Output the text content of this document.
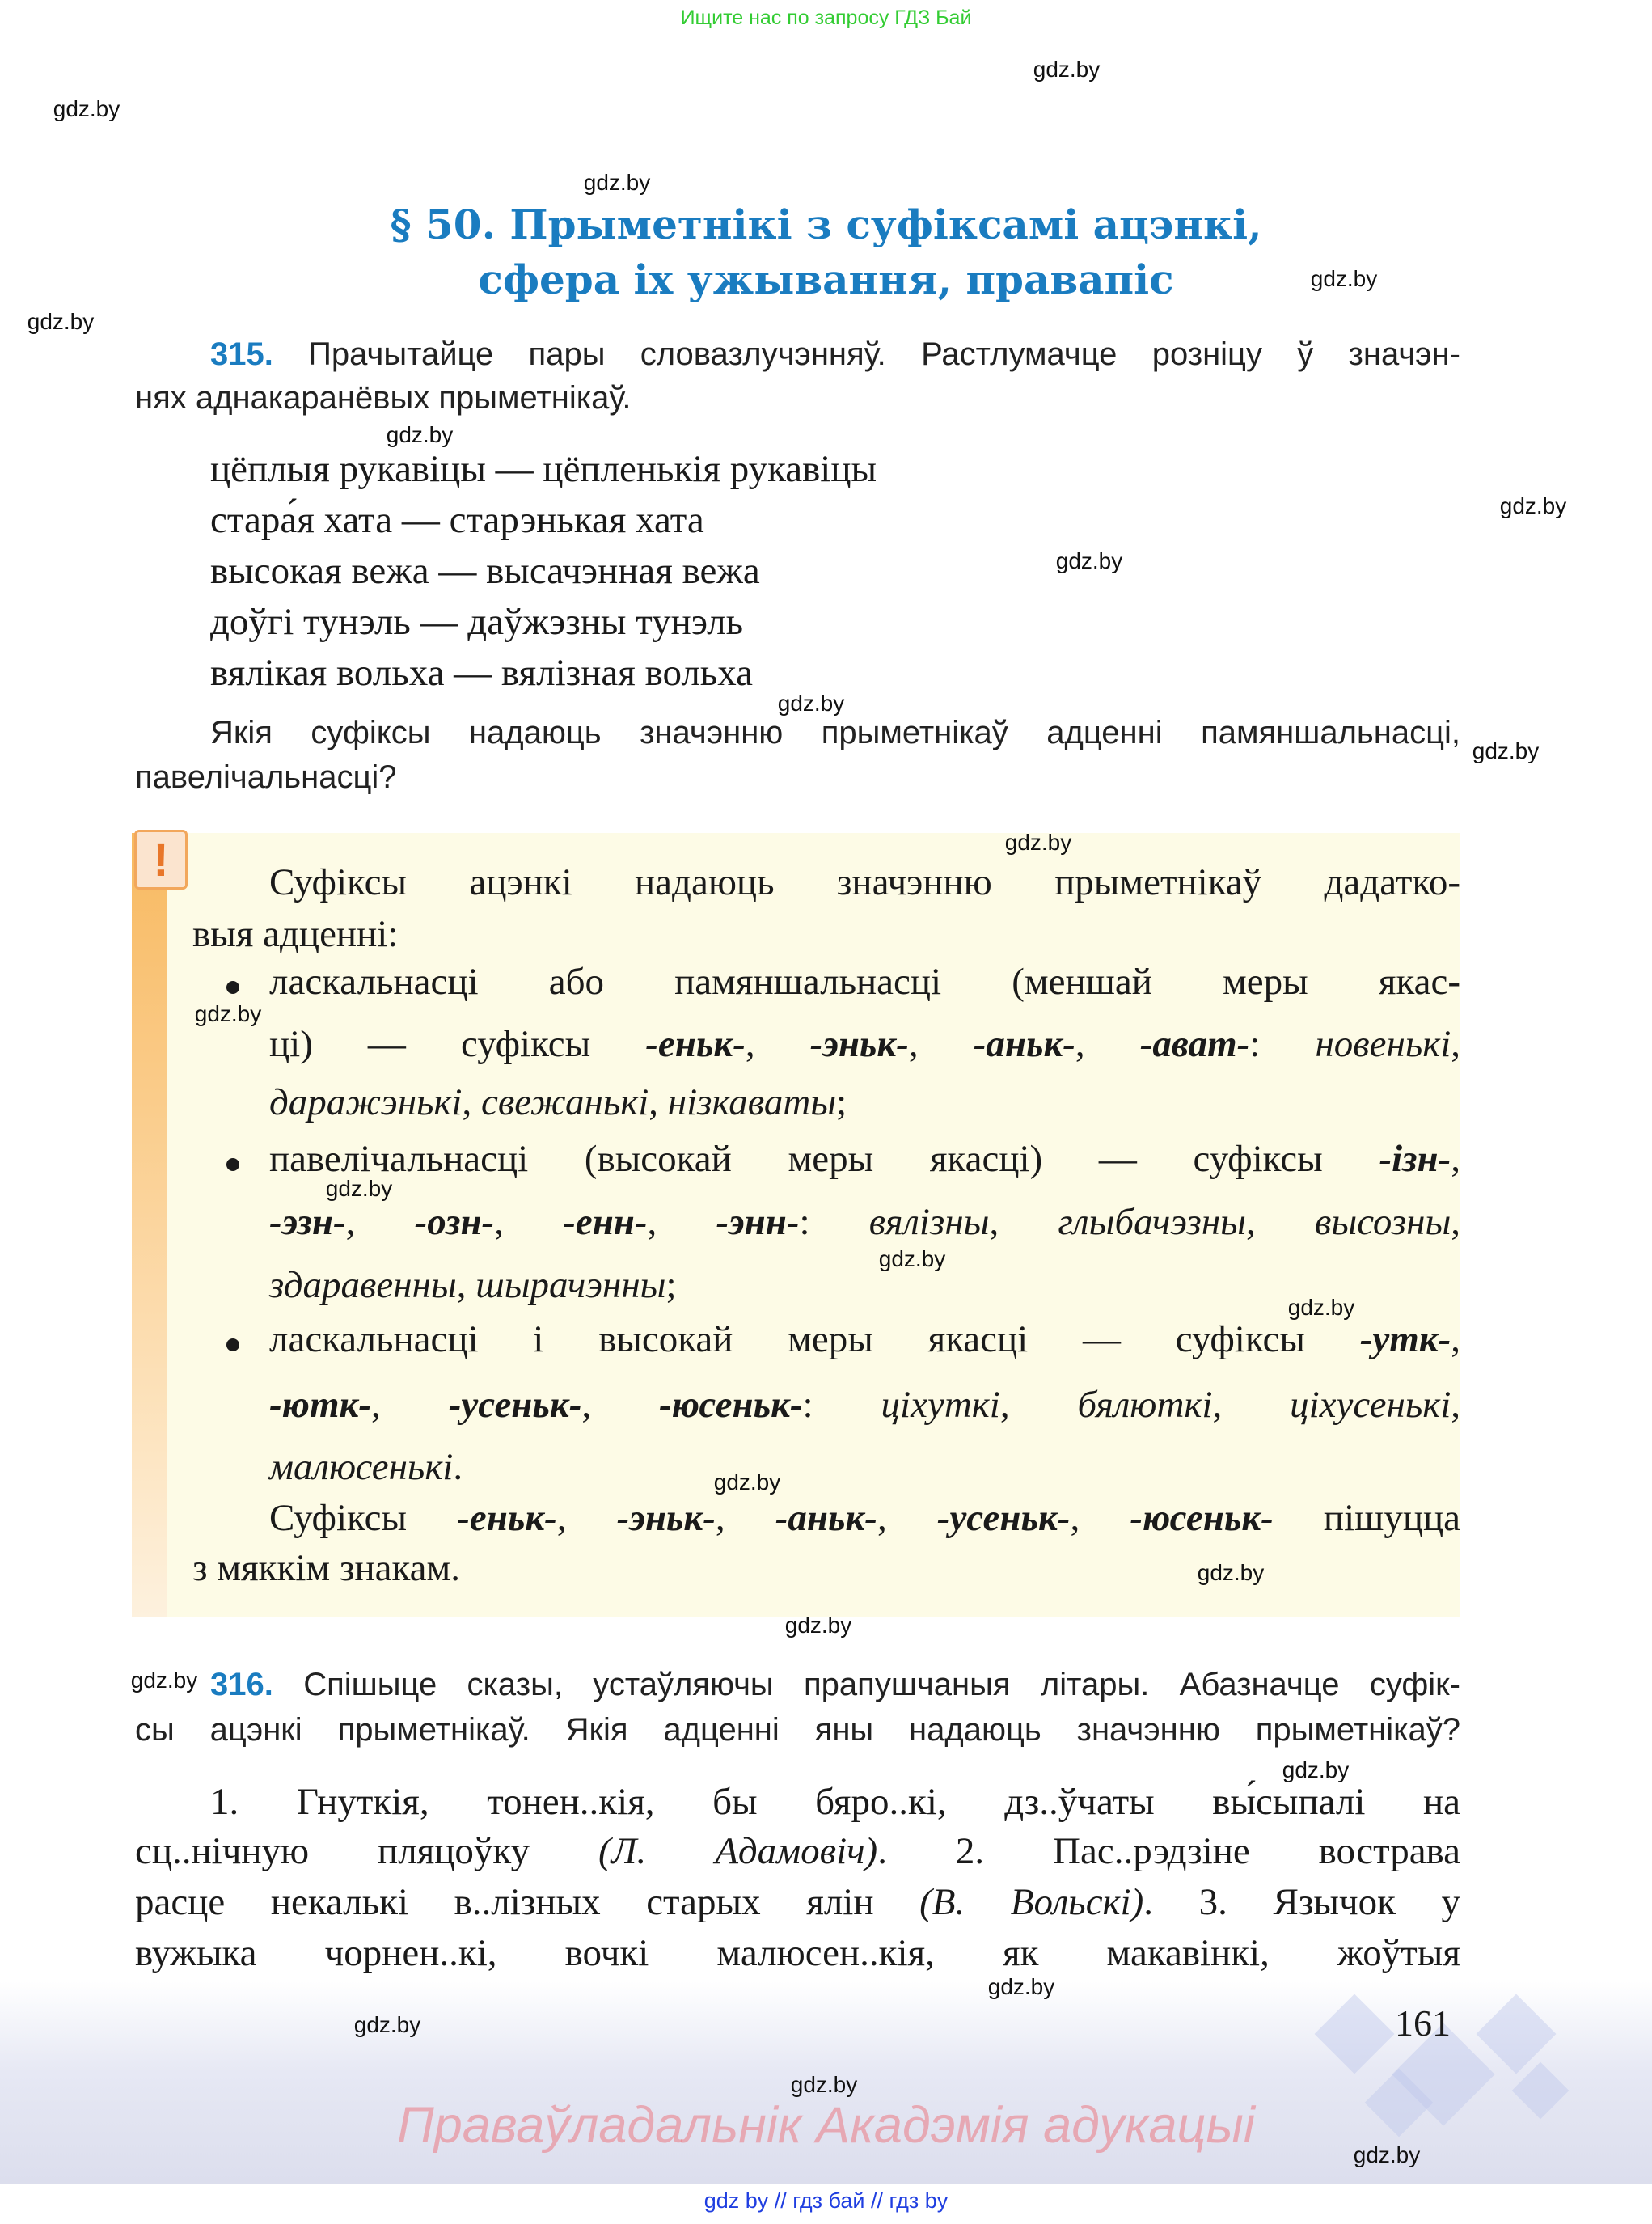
Ищите нас по запросу ГДЗ Бай
§ 50. Прыметнікі з суфіксамі ацэнкі,
сфера іх ужывання, правапіс
315. Прачытайце пары словазлучэнняў. Растлумачце розніцу ў значэн-
нях аднакаранёвых прыметнікаў.
цёплыя рукавіцы — цёпленькія рукавіцы
стара́я хата — старэнькая хата
высокая вежа — высачэнная вежа
доўгі тунэль — даўжэзны тунэль
вялікая вольха — вялізная вольха
Якія суфіксы надаюць значэнню прыметнікаў адценні памяншальнасці,
павелічальнасці?
!	Суфіксы ацэнкі надаюць значэнню прыметнікаў дадатко-
выя адценні:
ласкальнасці або памяншальнасці (меншай меры якас-
ці) — суфіксы -еньк-, -эньк-, -аньк-, -ават-: новенькі,
даражэнькі, свежанькі, нізкаваты;
павелічальнасці (высокай меры якасці) — суфіксы -ізн-,
-эзн-, -озн-, -енн-, -энн-: вялізны, глыбачэзны, высозны,
здаравенны, шырачэнны;
ласкальнасці і высокай меры якасці — суфіксы -утк-,
-ютк-, -усеньк-, -юсеньк-: ціхуткі, бялюткі, ціхусенькі,
малюсенькі.
Суфіксы -еньк-, -эньк-, -аньк-, -усеньк-, -юсеньк- пішуцца
з мяккім знакам.
316. Спішыце сказы, устаўляючы прапушчаныя літары. Абазначце суфік-
сы ацэнкі прыметнікаў. Якія адценні яны надаюць значэнню прыметнікаў?
1. Гнуткія, тонен..кія, бы бяро..кі, дз..ўчаты вы́сыпалі на
сц..нічную пляцоўку (Л. Адамовіч). 2. Пас..рэдзіне вострава
расце некалькі в..лізных старых ялін (В. Вольскі). 3. Язычок у
вужыка чорнен..кі, вочкі малюсен..кія, як макавінкі, жоўтыя
161
Праваўладальнік Акадэмія адукацыі
gdz by // гдз бай // гдз by
gdz.by
gdz.by
gdz.by
gdz.by
gdz.by
gdz.by
gdz.by
gdz.by
gdz.by
gdz.by
gdz.by
gdz.by
gdz.by
gdz.by
gdz.by
gdz.by
gdz.by
gdz.by
gdz.by
gdz.by
gdz.by
gdz.by
gdz.by
gdz.by
